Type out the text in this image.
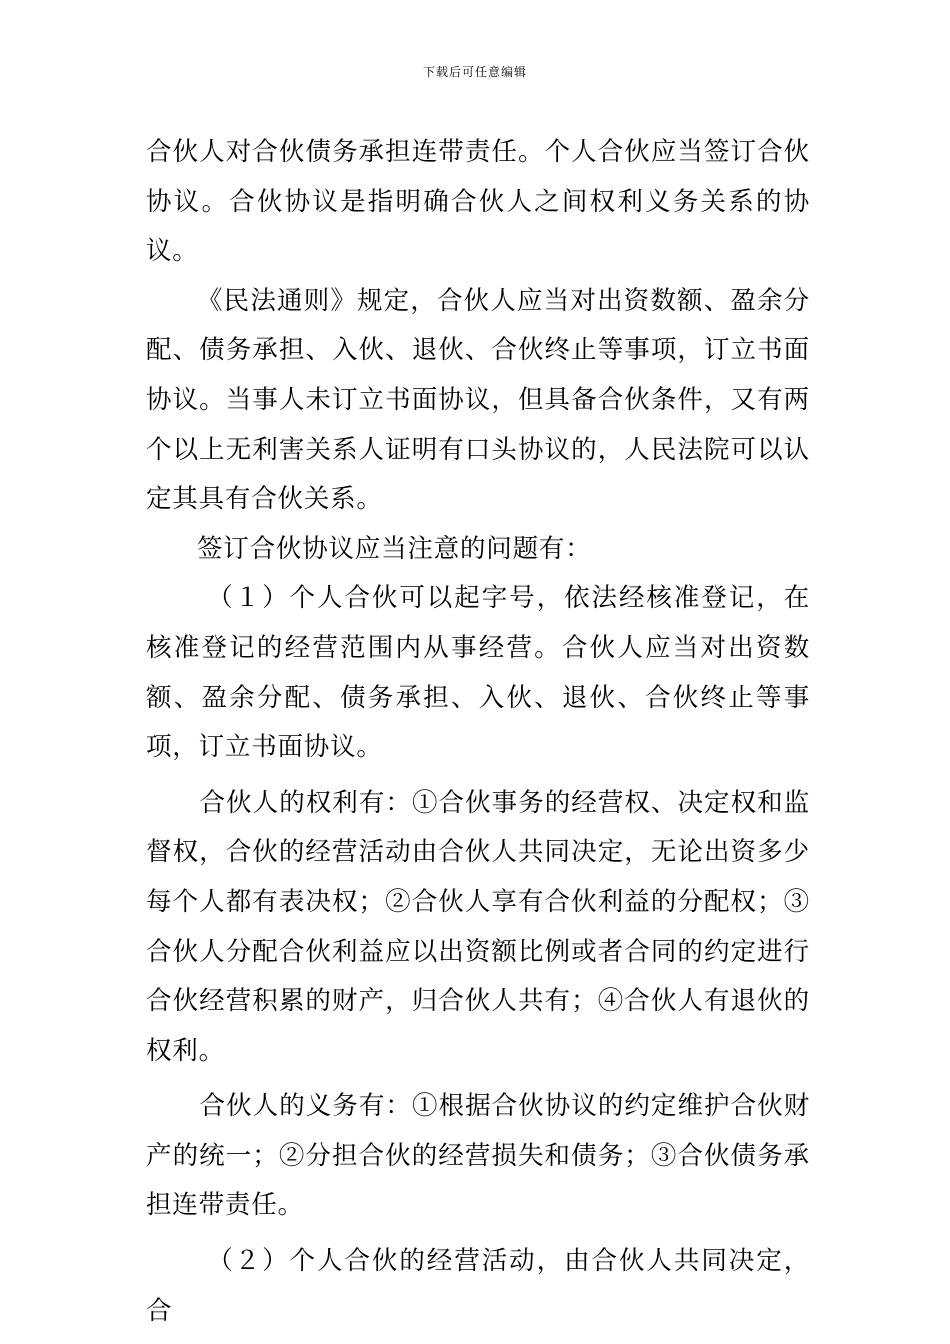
下载后可任意编辑

合伙人对合伙债务承担连带责任。个人合伙应当签订合伙协议。合伙协议是指明确合伙人之间权利义务关系的协议。

《民法通则》规定，合伙人应当对出资数额、盈余分配、债务承担、入伙、退伙、合伙终止等事项，订立书面协议。当事人未订立书面协议，但具备合伙条件，又有两个以上无利害关系人证明有口头协议的，人民法院可以认定其具有合伙关系。

签订合伙协议应当注意的问题有：

（１）个人合伙可以起字号，依法经核准登记，在核准登记的经营范围内从事经营。合伙人应当对出资数额、盈余分配、债务承担、入伙、退伙、合伙终止等事项，订立书面协议。

合伙人的权利有：①合伙事务的经营权、决定权和监督权，合伙的经营活动由合伙人共同决定，无论出资多少每个人都有表决权；②合伙人享有合伙利益的分配权；③合伙人分配合伙利益应以出资额比例或者合同的约定进行合伙经营积累的财产，归合伙人共有；④合伙人有退伙的权利。

合伙人的义务有：①根据合伙协议的约定维护合伙财产的统一；②分担合伙的经营损失和债务；③合伙债务承担连带责任。

（２）个人合伙的经营活动，由合伙人共同决定，合
